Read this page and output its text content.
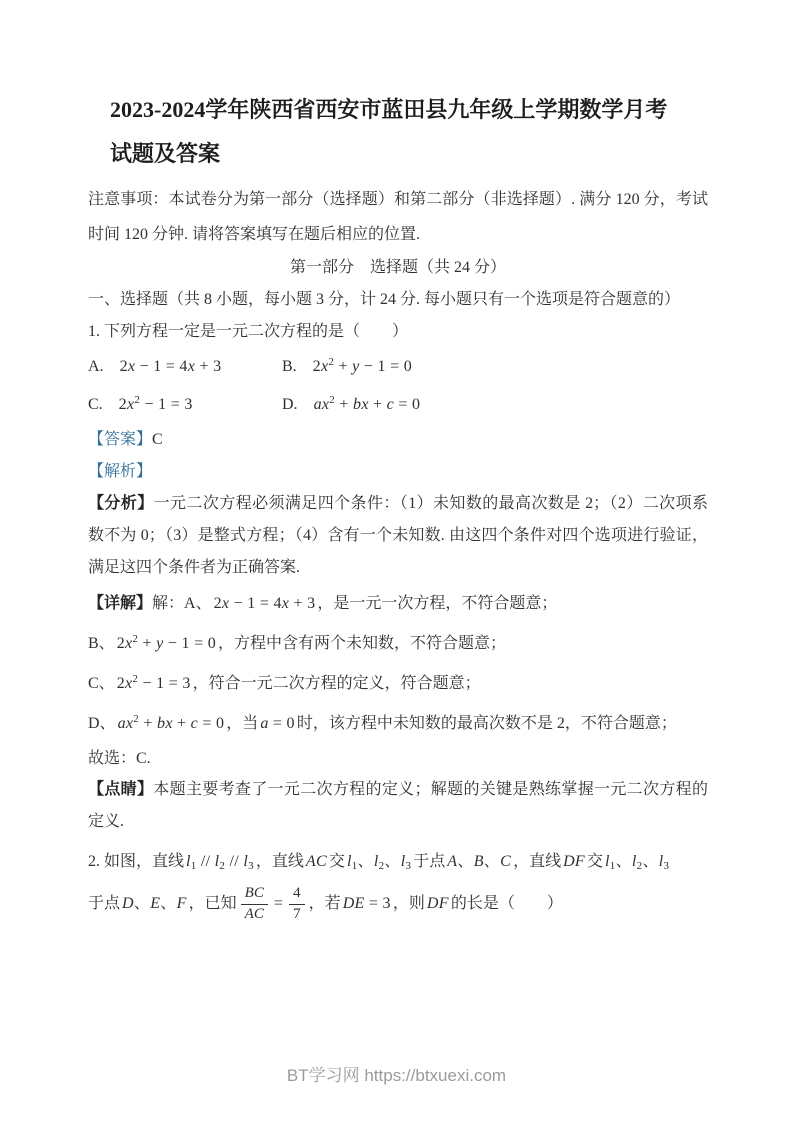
2023-2024学年陕西省西安市蓝田县九年级上学期数学月考
试题及答案

注意事项：本试卷分为第一部分（选择题）和第二部分（非选择题）. 满分 120 分，考试时间 120 分钟. 请将答案填写在题后相应的位置.

第一部分　选择题（共 24 分）
一、选择题（共 8 小题，每小题 3 分，计 24 分. 每小题只有一个选项是符合题意的）
1. 下列方程一定是一元二次方程的是（　　）
A. 2x − 1 = 4x + 3	B. $2x^2 + y - 1 = 0$
C. $2x^2 - 1 = 3$	D. $ax^2$ + bx + c = 0

【答案】C

【解析】

【分析】一元二次方程必须满足四个条件：（1）未知数的最高次数是 2；（2）二次项系数不为 0；（3）是整式方程；（4）含有一个未知数. 由这四个条件对四个选项进行验证，满足这四个条件者为正确答案.

【详解】 解：A、 2x − 1 = 4x + 3 ，是一元一次方程，不符合题意；
B、 $2x^2 + y - 1 = 0$ ，方程中含有两个未知数，不符合题意；
C、 $2x^2 - 1 = 3$ ，符合一元二次方程的定义，符合题意；
D、 $ax^2$ + bx + c = 0 ，当 a = 0 时，该方程中未知数的最高次数不是 2，不符合题意；

故选：C.

【点睛】本题主要考查了一元二次方程的定义；解题的关键是熟练掌握一元二次方程的定义.

2. 如图，直线 $l_1 // l_2 // l_3$ ，直线 AC 交 $l_1$、$l_2$、$l_3$ 于点 A、B、C ，直线 DF 交 $l_1$、$l_2$、$l_3$
于点 D、E、F ，已知 $\frac{BC}{AC} = \frac{4}{7}$ ，若 DE = 3 ，则 DF 的长是（　　）
BT学习网 https://btxuexi.com
